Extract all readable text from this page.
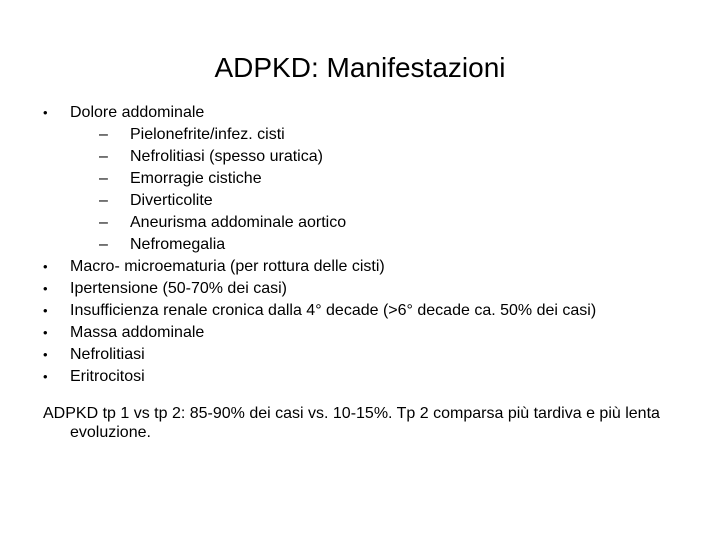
ADPKD: Manifestazioni
• Dolore addominale
– Pielonefrite/infez. cisti
– Nefrolitiasi (spesso uratica)
– Emorragie cistiche
– Diverticolite
– Aneurisma addominale aortico
– Nefromegalia
• Macro- microematuria (per rottura delle cisti)
• Ipertensione (50-70% dei casi)
• Insufficienza renale cronica dalla 4° decade (>6° decade ca. 50% dei casi)
• Massa addominale
• Nefrolitiasi
• Eritrocitosi
ADPKD tp 1 vs tp 2: 85-90% dei casi vs. 10-15%. Tp 2 comparsa più tardiva e più lenta evoluzione.
